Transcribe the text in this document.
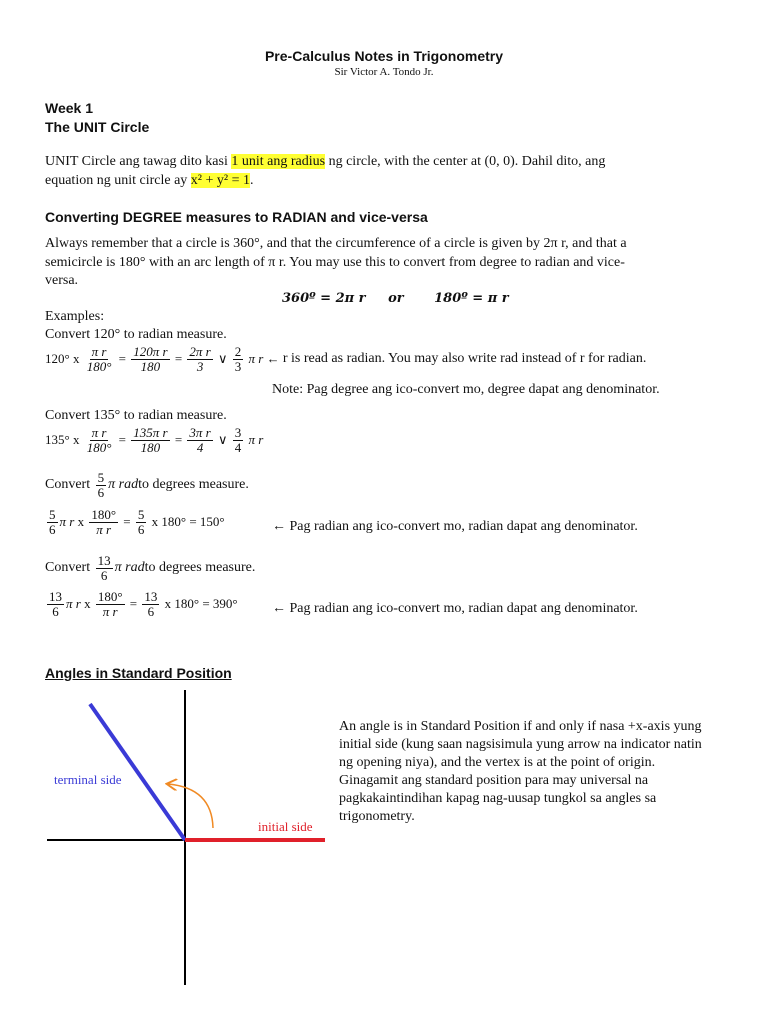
Pre-Calculus Notes in Trigonometry
Sir Victor A. Tondo Jr.
Week 1
The UNIT Circle
UNIT Circle ang tawag dito kasi 1 unit ang radius ng circle, with the center at (0, 0). Dahil dito, ang
equation ng unit circle ay x² + y² = 1.
Converting DEGREE measures to RADIAN and vice-versa
Always remember that a circle is 360°, and that the circumference of a circle is given by 2π r, and that a
semicircle is 180° with an arc length of π r. You may use this to convert from degree to radian and vice-
versa.
360º = 2π r or 180º = π r
Examples:
Convert 120° to radian measure.
120° x $\frac{\text{π r}}{180^\circ} = \frac{\text{120π r}}{180} = \frac{\text{2π r}}{3}$ ∨ $\frac{2}{3}$ π r ← r is read as radian. You may also write rad instead of r for radian.
Note: Pag degree ang ico-convert mo, degree dapat ang denominator.
Convert 135° to radian measure.
135° x $\frac{\text{π r}}{180^\circ} = \frac{\text{135π r}}{180} = \frac{\text{3π r}}{4}$ ∨ $\frac{3}{4}$ π r
Convert $\frac{5}{6}$ π radto degrees measure.
$\frac{5}{6}$ π r x $\frac{180^\circ}{\text{π r}} = \frac{5}{6}$ x 180° = 150°	← Pag radian ang ico-convert mo, radian dapat ang denominator.
Convert $\frac{13}{6}$ π radto degrees measure.
$\frac{13}{6}$ π r x $\frac{180^\circ}{\text{π r}} = \frac{13}{6}$ x 180° = 390° ← Pag radian ang ico-convert mo, radian dapat ang denominator.
Angles in Standard Position
terminal side
initial side
An angle is in Standard Position if and only if nasa +x-axis yung initial side (kung saan nagsisimula yung arrow na indicator natin ng opening niya), and the vertex is at the point of origin.
Ginagamit ang standard position para may universal na pagkakaintindihan kapag nag-uusap tungkol sa angles sa trigonometry.
